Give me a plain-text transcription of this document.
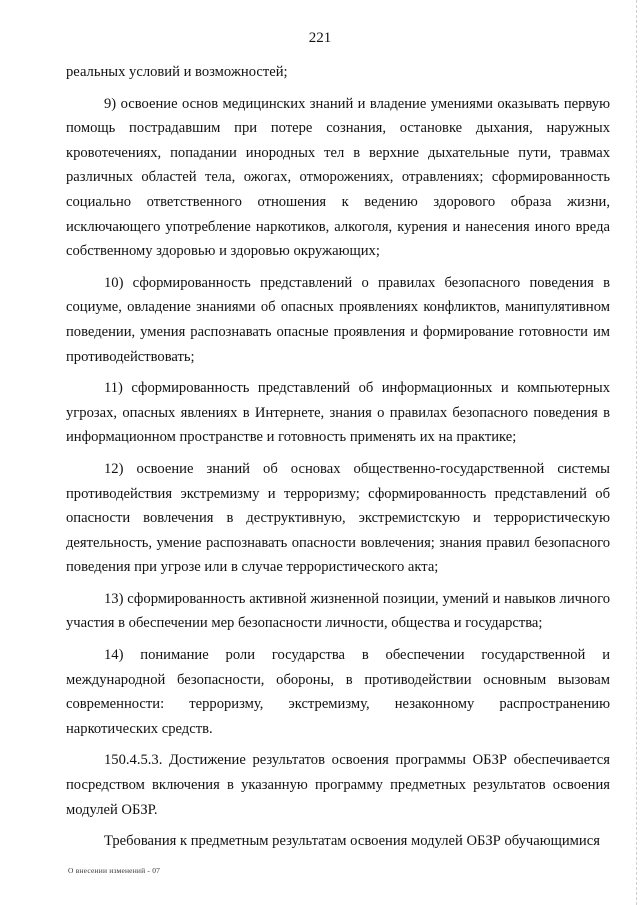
221

реальных условий и возможностей;

9) освоение основ медицинских знаний и владение умениями оказывать первую помощь пострадавшим при потере сознания, остановке дыхания, наружных кровотечениях, попадании инородных тел в верхние дыхательные пути, травмах различных областей тела, ожогах, отморожениях, отравлениях; сформированность социально ответственного отношения к ведению здорового образа жизни, исключающего употребление наркотиков, алкоголя, курения и нанесения иного вреда собственному здоровью и здоровью окружающих;

10) сформированность представлений о правилах безопасного поведения в социуме, овладение знаниями об опасных проявлениях конфликтов, манипулятивном поведении, умения распознавать опасные проявления и формирование готовности им противодействовать;

11) сформированность представлений об информационных и компьютерных угрозах, опасных явлениях в Интернете, знания о правилах безопасного поведения в информационном пространстве и готовность применять их на практике;

12) освоение знаний об основах общественно-государственной системы противодействия экстремизму и терроризму; сформированность представлений об опасности вовлечения в деструктивную, экстремистскую и террористическую деятельность, умение распознавать опасности вовлечения; знания правил безопасного поведения при угрозе или в случае террористического акта;

13) сформированность активной жизненной позиции, умений и навыков личного участия в обеспечении мер безопасности личности, общества и государства;

14) понимание роли государства в обеспечении государственной и международной безопасности, обороны, в противодействии основным вызовам современности: терроризму, экстремизму, незаконному распространению наркотических средств.

150.4.5.3. Достижение результатов освоения программы ОБЗР обеспечивается посредством включения в указанную программу предметных результатов освоения модулей ОБЗР.

Требования к предметным результатам освоения модулей ОБЗР обучающимися

О внесении изменений - 07
